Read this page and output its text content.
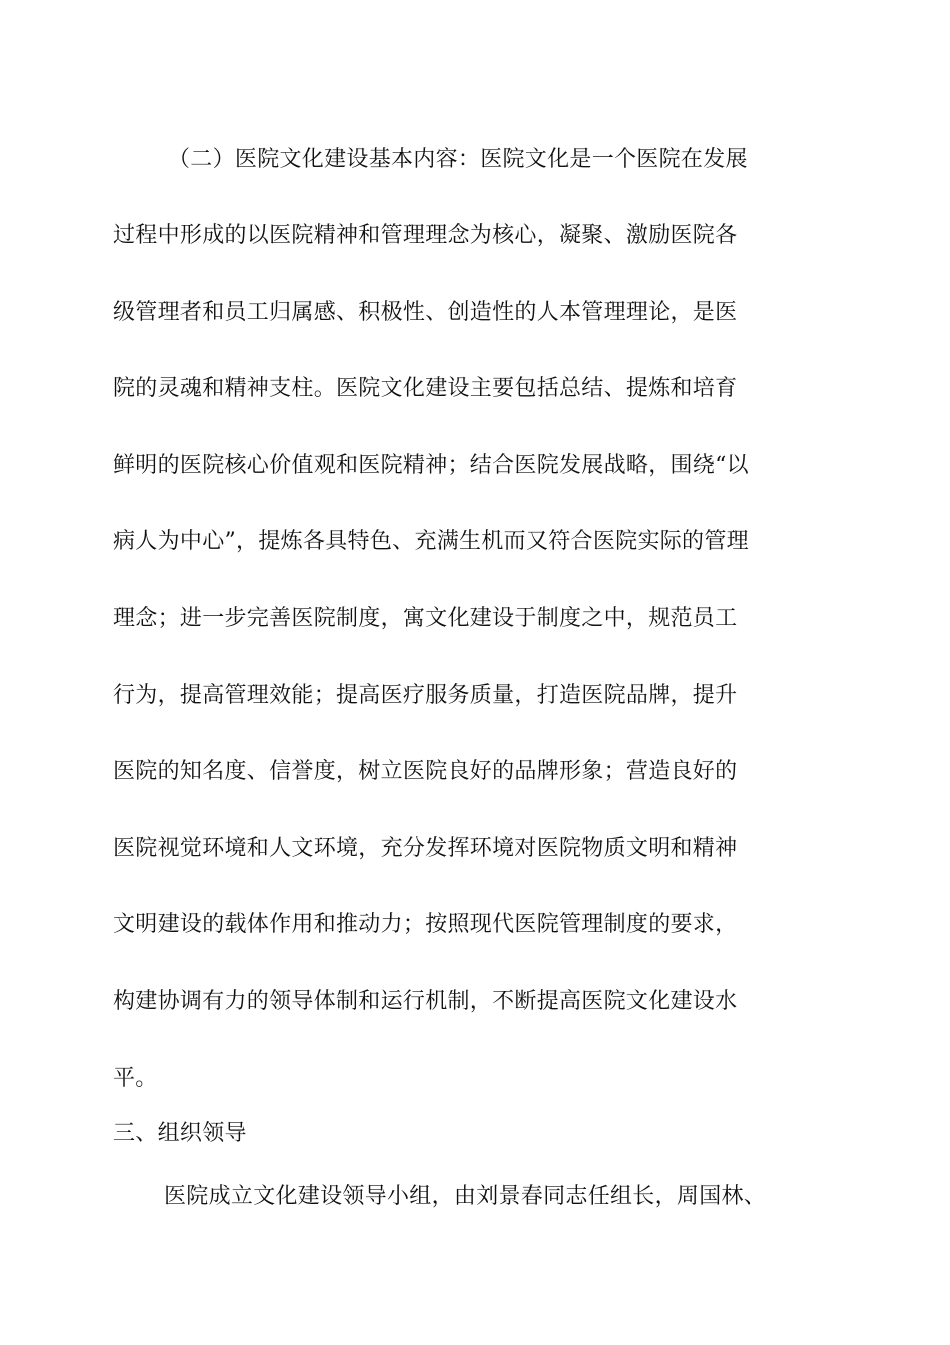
（二）医院文化建设基本内容：医院文化是一个医院在发展
过程中形成的以医院精神和管理理念为核心，凝聚、激励医院各
级管理者和员工归属感、积极性、创造性的人本管理理论，是医
院的灵魂和精神支柱。医院文化建设主要包括总结、提炼和培育
鲜明的医院核心价值观和医院精神；结合医院发展战略，围绕“以
病人为中心”，提炼各具特色、充满生机而又符合医院实际的管理
理念；进一步完善医院制度，寓文化建设于制度之中，规范员工
行为，提高管理效能；提高医疗服务质量，打造医院品牌，提升
医院的知名度、信誉度，树立医院良好的品牌形象；营造良好的
医院视觉环境和人文环境，充分发挥环境对医院物质文明和精神
文明建设的载体作用和推动力；按照现代医院管理制度的要求，
构建协调有力的领导体制和运行机制，不断提高医院文化建设水
平。
三、组织领导
医院成立文化建设领导小组，由刘景春同志任组长，周国林、
